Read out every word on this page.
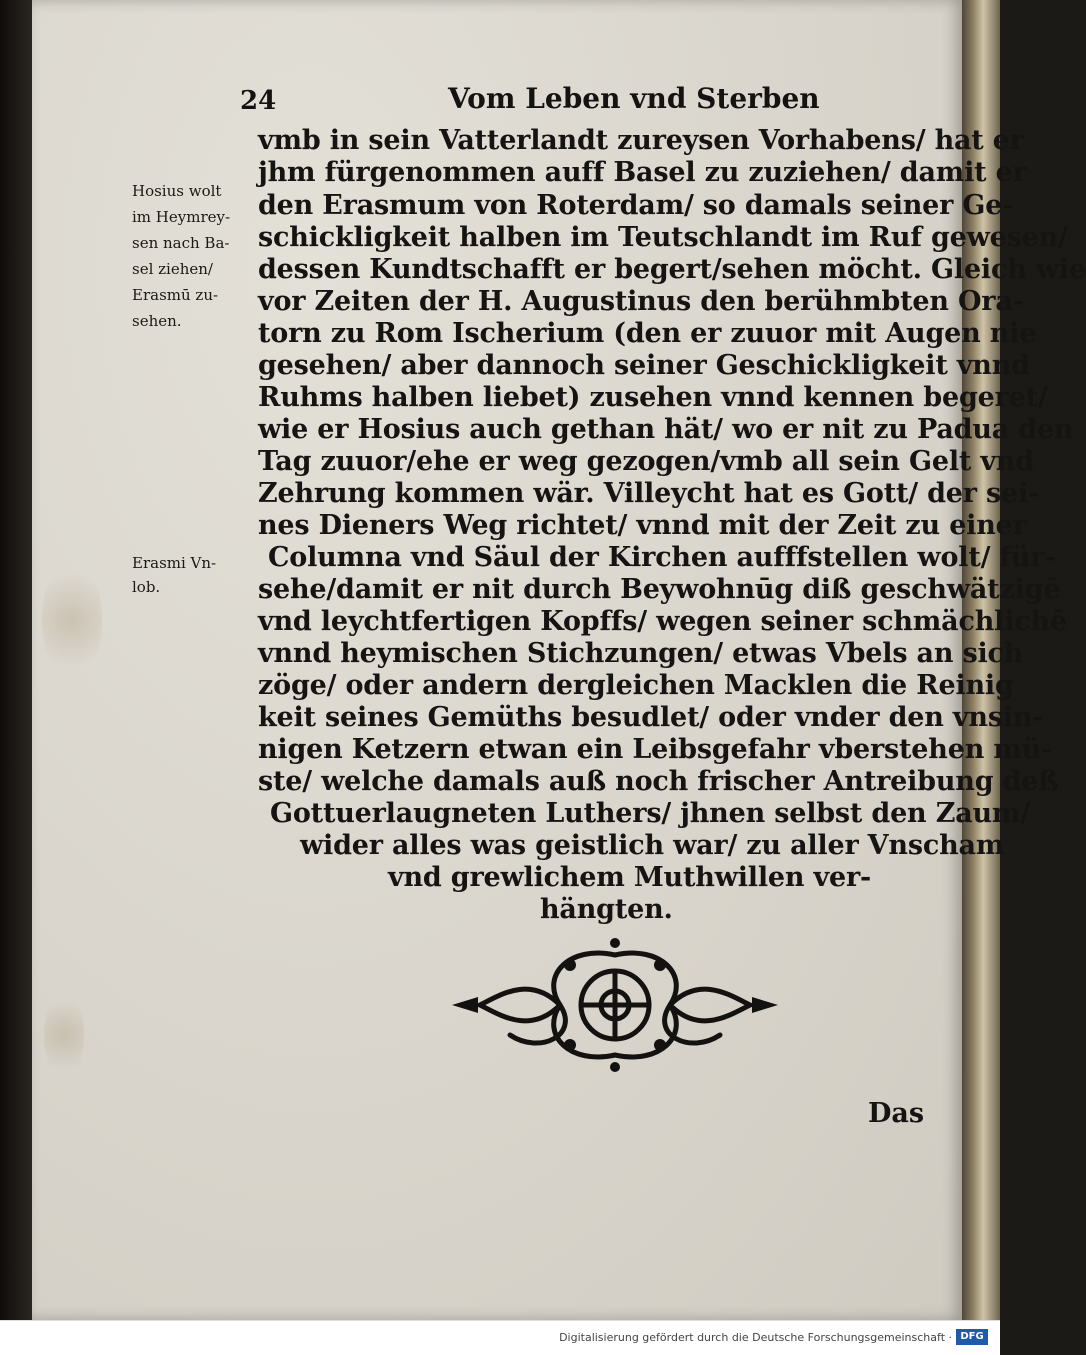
24	Vom Leben vnd Sterben
Hosius wolt
im Heymrey-
sen nach Ba-
sel ziehen/
Erasmū zu-
sehen.
Erasmi Vn-
lob.
vmb in sein Vatterlandt zureysen Vorhabens/ hat er
jhm fürgenommen auff Basel zu zuziehen/ damit er
den Erasmum von Roterdam/ so damals seiner Ge-
schickligkeit halben im Teutschlandt im Ruf gewesen/
dessen Kundtschafft er begert/sehen möcht. Gleich wie
vor Zeiten der H. Augustinus den berühmbten Ora-
torn zu Rom Ischerium (den er zuuor mit Augen nie
gesehen/ aber dannoch seiner Geschickligkeit vnnd
Ruhms halben liebet) zusehen vnnd kennen begeret/
wie er Hosius auch gethan hät/ wo er nit zu Padua den
Tag zuuor/ehe er weg gezogen/vmb all sein Gelt vnd
Zehrung kommen wär. Villeycht hat es Gott/ der sei-
nes Dieners Weg richtet/ vnnd mit der Zeit zu einer
Columna vnd Säul der Kirchen aufffstellen wolt/ für-
sehe/damit er nit durch Beywohnūg diß geschwätzigē
vnd leychtfertigen Kopffs/ wegen seiner schmächlichē
vnnd heymischen Stichzungen/ etwas Vbels an sich
zöge/ oder andern dergleichen Macklen die Reinig
keit seines Gemüths besudlet/ oder vnder den vnsin-
nigen Ketzern etwan ein Leibsgefahr vberstehen mü-
ste/ welche damals auß noch frischer Antreibung deß
Gottuerlaugneten Luthers/ jhnen selbst den Zaum/
wider alles was geistlich war/ zu aller Vnscham
vnd grewlichem Muthwillen ver-
hängten.
Das
Digitalisierung gefördert durch die Deutsche Forschungsgemeinschaft · DFG
